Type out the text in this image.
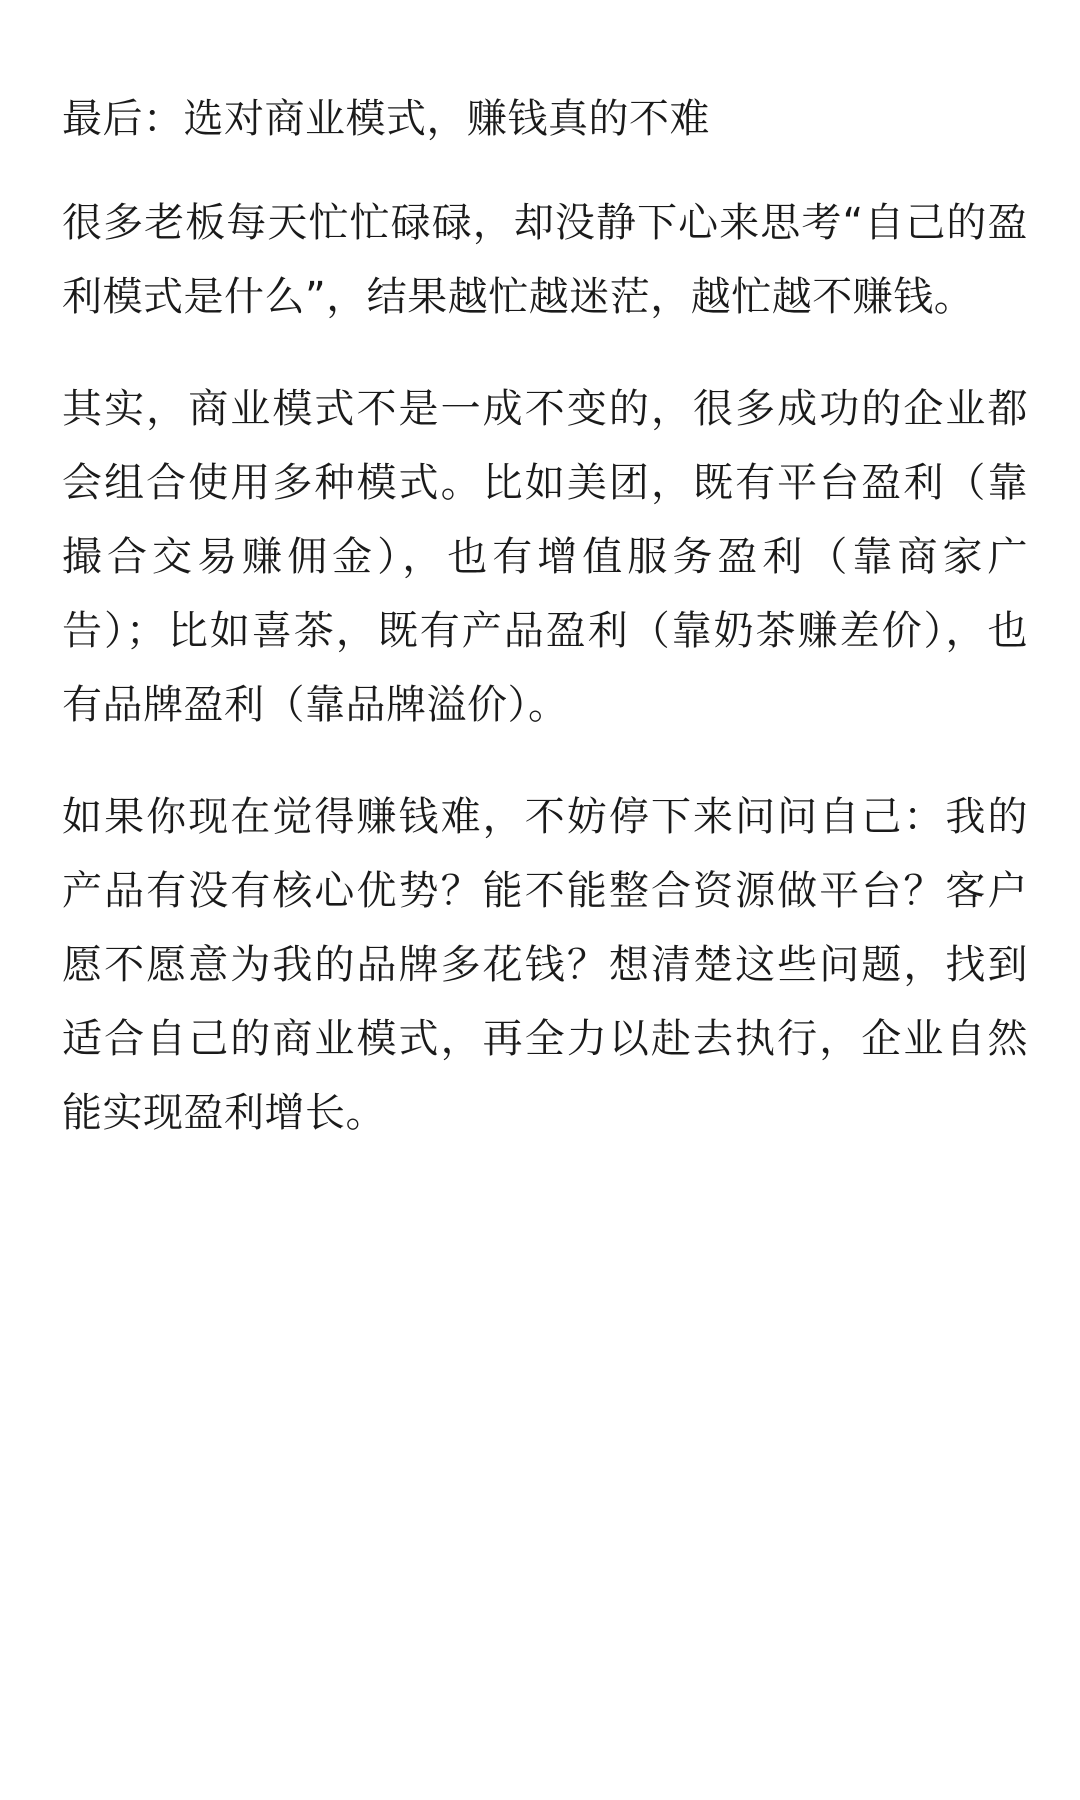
最后：选对商业模式，赚钱真的不难

很多老板每天忙忙碌碌，却没静下心来思考“自己的盈利模式是什么”，结果越忙越迷茫，越忙越不赚钱。

其实，商业模式不是一成不变的，很多成功的企业都会组合使用多种模式。比如美团，既有平台盈利（靠撮合交易赚佣金），也有增值服务盈利（靠商家广告）；比如喜茶，既有产品盈利（靠奶茶赚差价），也有品牌盈利（靠品牌溢价）。

如果你现在觉得赚钱难，不妨停下来问问自己：我的产品有没有核心优势？能不能整合资源做平台？客户愿不愿意为我的品牌多花钱？想清楚这些问题，找到适合自己的商业模式，再全力以赴去执行，企业自然能实现盈利增长。
